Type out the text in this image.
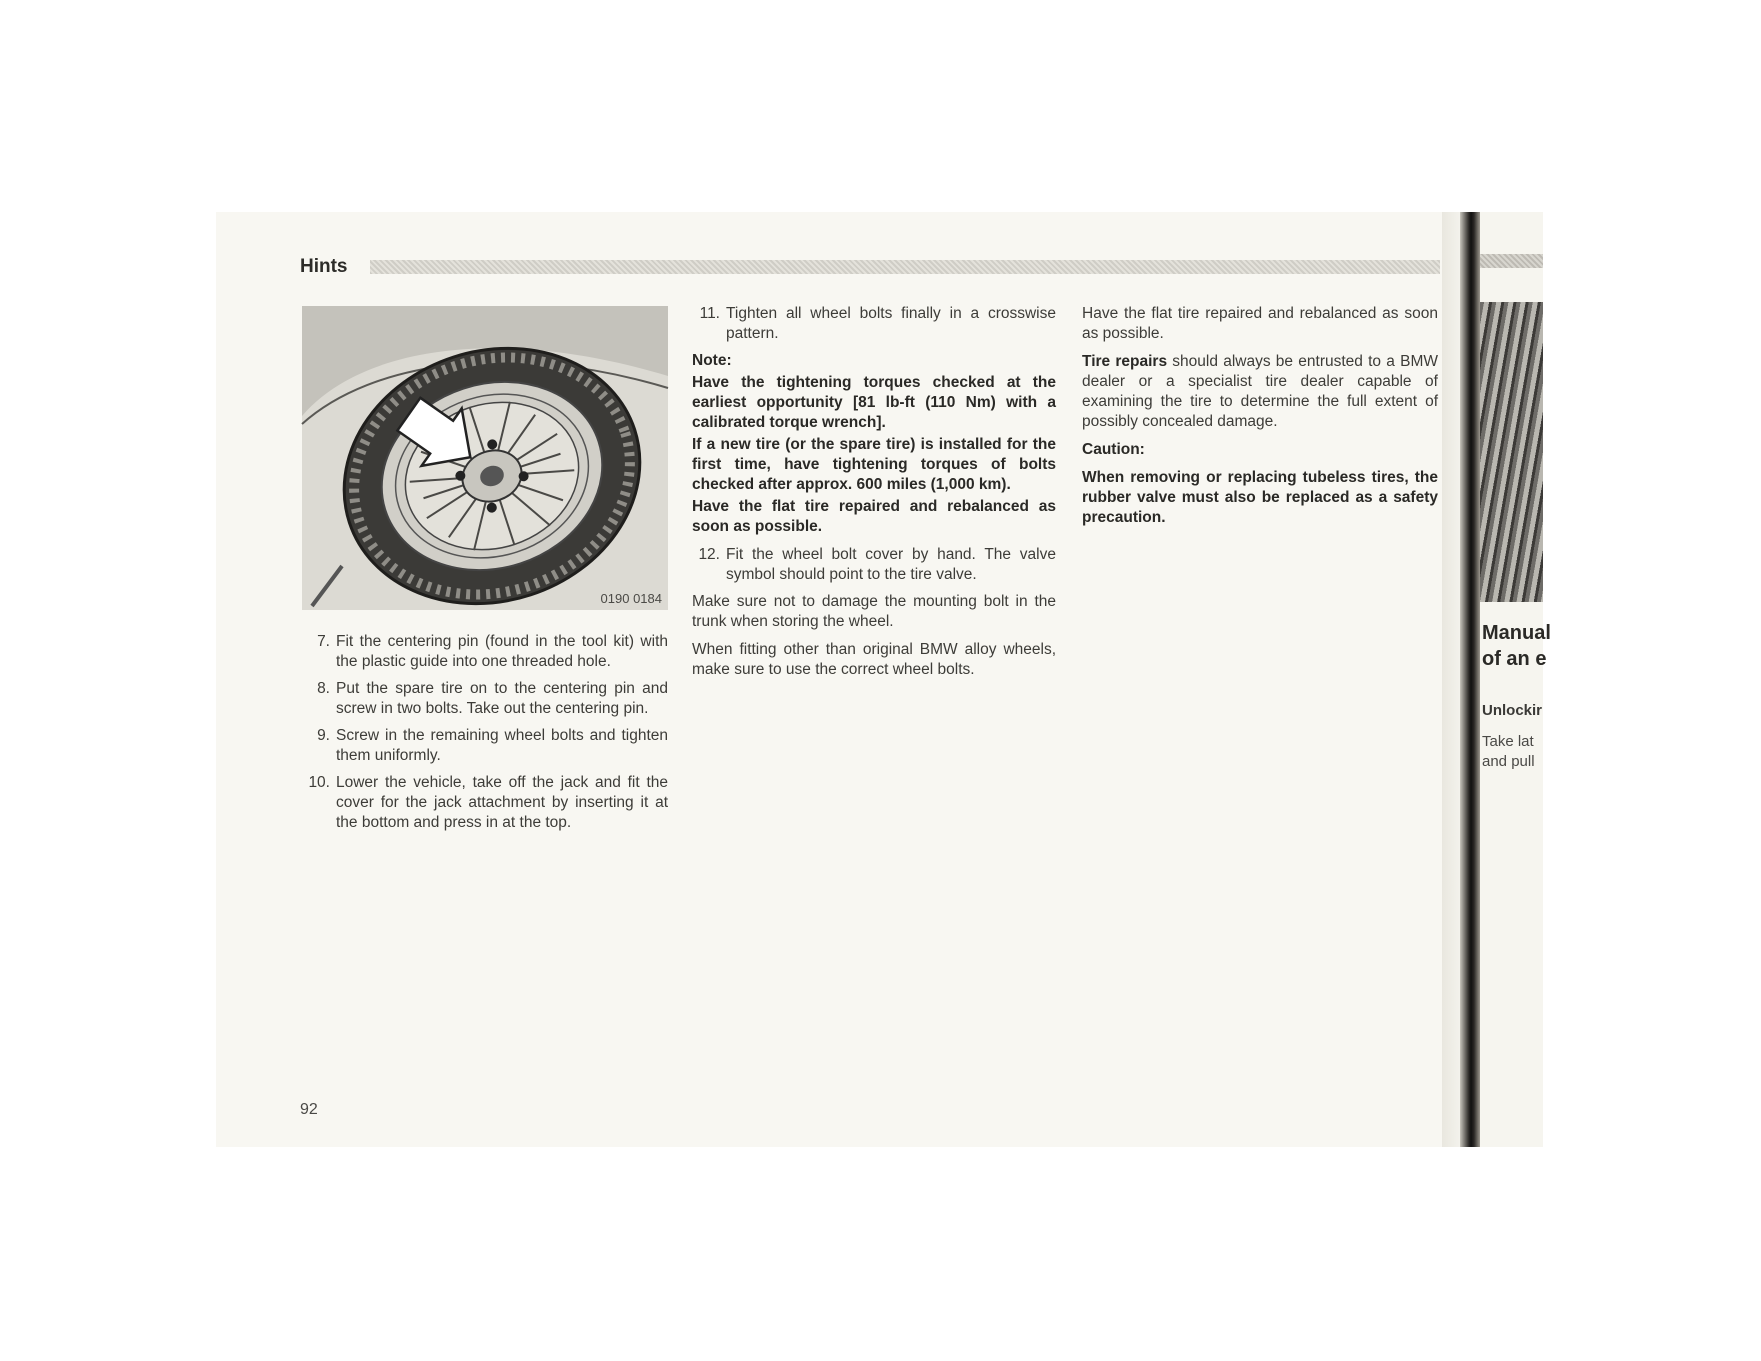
Manual
of an e
Unlockir
Take lat
and pull
Hints
0190 0184
7. Fit the centering pin (found in the tool kit) with the plastic guide into one threaded hole.
8. Put the spare tire on to the centering pin and screw in two bolts. Take out the centering pin.
9. Screw in the remaining wheel bolts and tighten them uniformly.
10. Lower the vehicle, take off the jack and fit the cover for the jack attachment by inserting it at the bottom and press in at the top.
11. Tighten all wheel bolts finally in a crosswise pattern.

Note:

Have the tightening torques checked at the earliest opportunity [81 lb-ft (110 Nm) with a calibrated torque wrench].

If a new tire (or the spare tire) is installed for the first time, have tightening torques of bolts checked after approx. 600 miles (1,000 km).

Have the flat tire repaired and rebalanced as soon as possible.

12. Fit the wheel bolt cover by hand. The valve symbol should point to the tire valve.

Make sure not to damage the mounting bolt in the trunk when storing the wheel.

When fitting other than original BMW alloy wheels, make sure to use the correct wheel bolts.

Have the flat tire repaired and rebalanced as soon as possible.

Tire repairs should always be entrusted to a BMW dealer or a specialist tire dealer capable of examining the tire to determine the full extent of possibly concealed damage.

Caution:

When removing or replacing tubeless tires, the rubber valve must also be replaced as a safety precaution.

92
